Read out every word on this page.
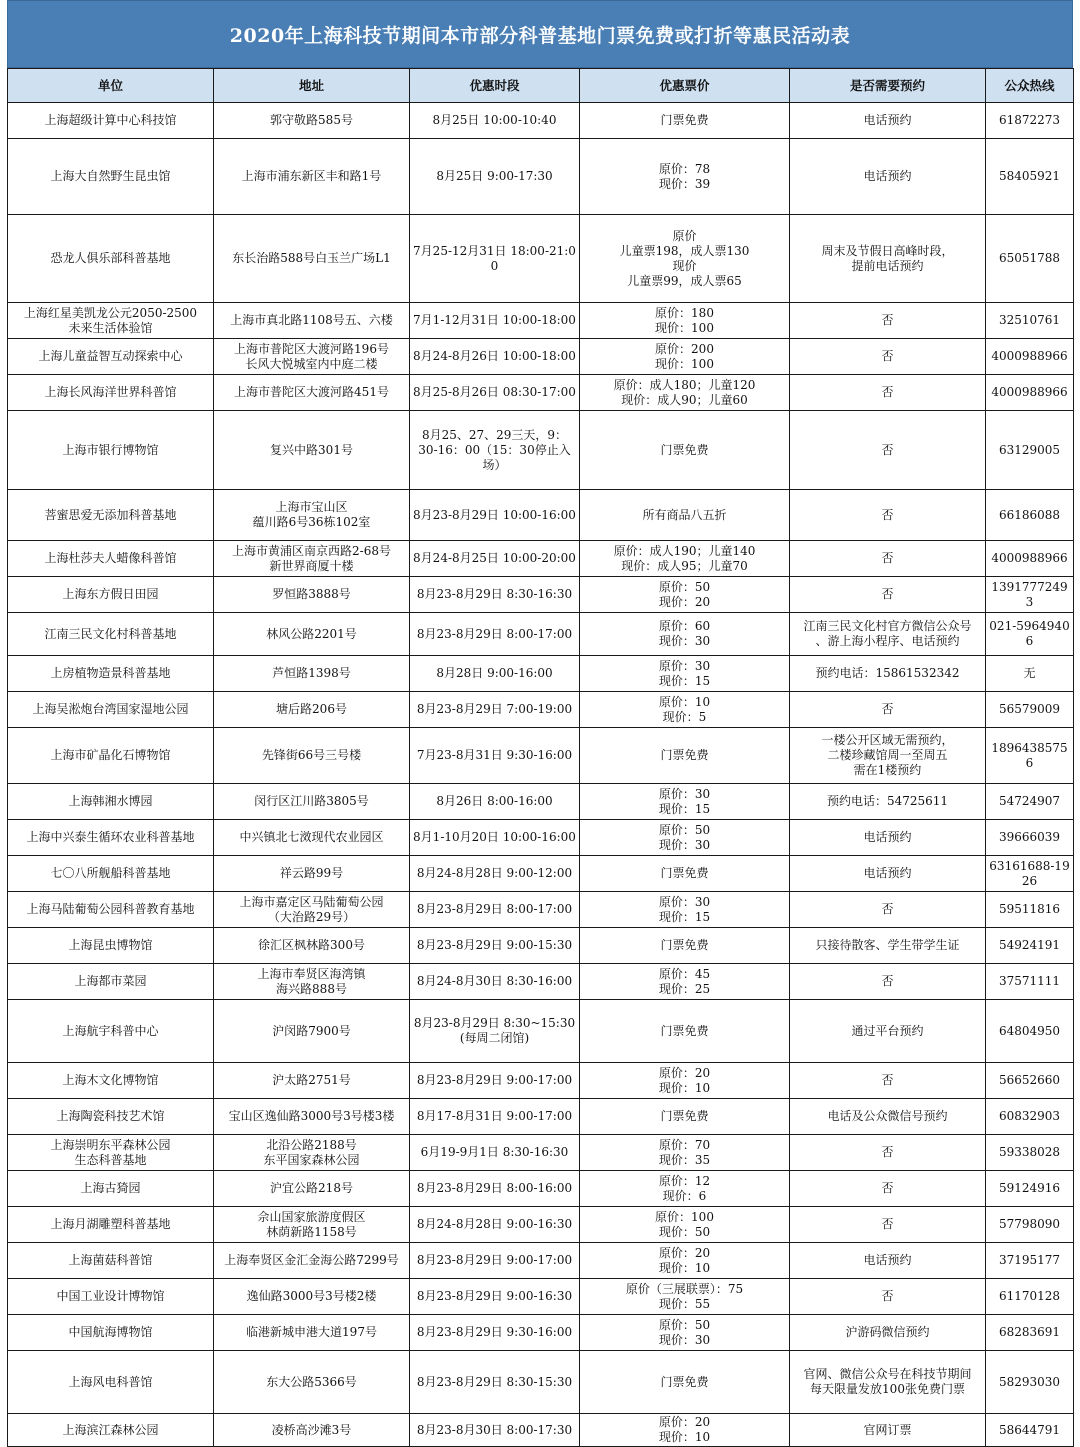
2020年上海科技节期间本市部分科普基地门票免费或打折等惠民活动表
单位	地址	优惠时段	优惠票价	是否需要预约	公众热线

上海超级计算中心科技馆	郭守敬路585号	8月25日 10:00-10:40	门票免费	电话预约	61872273

上海大自然野生昆虫馆	上海市浦东新区丰和路1号	8月25日 9:00-17:30	原价：78
现价：39	电话预约	58405921

恐龙人俱乐部科普基地	东长治路588号白玉兰广场L1	7月25-12月31日 18:00-21:00	原价
儿童票198，成人票130
现价
儿童票99，成人票65	周末及节假日高峰时段，
提前电话预约	65051788

上海红星美凯龙公元2050-2500
未来生活体验馆	上海市真北路1108号五、六楼	7月1-12月31日 10:00-18:00	原价：180
现价：100	否	32510761

上海儿童益智互动探索中心	上海市普陀区大渡河路196号
长风大悦城室内中庭二楼	8月24-8月26日 10:00-18:00	原价：200
现价：100	否	4000988966

上海长风海洋世界科普馆	上海市普陀区大渡河路451号	8月25-8月26日 08:30-17:00	原价：成人180；儿童120
现价：成人90；儿童60	否	4000988966

上海市银行博物馆	复兴中路301号	8月25、27、29三天，9：
30-16：00（15：30停止入
场）	门票免费	否	63129005

菩蜜思爱无添加科普基地	上海市宝山区
蕴川路6号36栋102室	8月23-8月29日 10:00-16:00	所有商品八五折	否	66186088

上海杜莎夫人蜡像科普馆	上海市黄浦区南京西路2-68号
新世界商厦十楼	8月24-8月25日 10:00-20:00	原价：成人190；儿童140
现价：成人95；儿童70	否	4000988966

上海东方假日田园	罗恒路3888号	8月23-8月29日 8:30-16:30	原价：50
现价：20	否	13917772493

江南三民文化村科普基地	林风公路2201号	8月23-8月29日 8:00-17:00	原价：60
现价：30	江南三民文化村官方微信公众号
、游上海小程序、电话预约	021-59649406

上房植物造景科普基地	芦恒路1398号	8月28日 9:00-16:00	原价：30
现价：15	预约电话：15861532342	无

上海吴淞炮台湾国家湿地公园	塘后路206号	8月23-8月29日 7:00-19:00	原价：10
现价：5	否	56579009

上海市矿晶化石博物馆	先锋街66号三号楼	7月23-8月31日 9:30-16:00	门票免费	一楼公开区域无需预约，
二楼珍藏馆周一至周五
需在1楼预约	18964385756

上海韩湘水博园	闵行区江川路3805号	8月26日 8:00-16:00	原价：30
现价：15	预约电话：54725611	54724907

上海中兴泰生循环农业科普基地	中兴镇北七滧现代农业园区	8月1-10月20日 10:00-16:00	原价：50
现价：30	电话预约	39666039

七〇八所舰船科普基地	祥云路99号	8月24-8月28日 9:00-12:00	门票免费	电话预约	63161688-1926

上海马陆葡萄公园科普教育基地	上海市嘉定区马陆葡萄公园
（大治路29号）	8月23-8月29日 8:00-17:00	原价：30
现价：15	否	59511816

上海昆虫博物馆	徐汇区枫林路300号	8月23-8月29日 9:00-15:30	门票免费	只接待散客、学生带学生证	54924191

上海都市菜园	上海市奉贤区海湾镇
海兴路888号	8月24-8月30日 8:30-16:00	原价：45
现价：25	否	37571111

上海航宇科普中心	沪闵路7900号	8月23-8月29日 8:30~15:30
(每周二闭馆)	门票免费	通过平台预约	64804950

上海木文化博物馆	沪太路2751号	8月23-8月29日 9:00-17:00	原价：20
现价：10	否	56652660

上海陶瓷科技艺术馆	宝山区逸仙路3000号3号楼3楼	8月17-8月31日 9:00-17:00	门票免费	电话及公众微信号预约	60832903

上海崇明东平森林公园
生态科普基地	北沿公路2188号
东平国家森林公园	6月19-9月1日 8:30-16:30	原价：70
现价：35	否	59338028

上海古猗园	沪宜公路218号	8月23-8月29日 8:00-16:00	原价：12
现价：6	否	59124916

上海月湖雕塑科普基地	佘山国家旅游度假区
林荫新路1158号	8月24-8月28日 9:00-16:30	原价：100
现价：50	否	57798090

上海菌菇科普馆	上海奉贤区金汇金海公路7299号	8月23-8月29日 9:00-17:00	原价：20
现价：10	电话预约	37195177

中国工业设计博物馆	逸仙路3000号3号楼2楼	8月23-8月29日 9:00-16:30	原价（三展联票）：75
现价：55	否	61170128

中国航海博物馆	临港新城申港大道197号	8月23-8月29日 9:30-16:00	原价：50
现价：30	沪游码微信预约	68283691

上海风电科普馆	东大公路5366号	8月23-8月29日 8:30-15:30	门票免费	官网、微信公众号在科技节期间
每天限量发放100张免费门票	58293030

上海滨江森林公园	凌桥高沙滩3号	8月23-8月30日 8:00-17:30	原价：20
现价：10	官网订票	58644791
